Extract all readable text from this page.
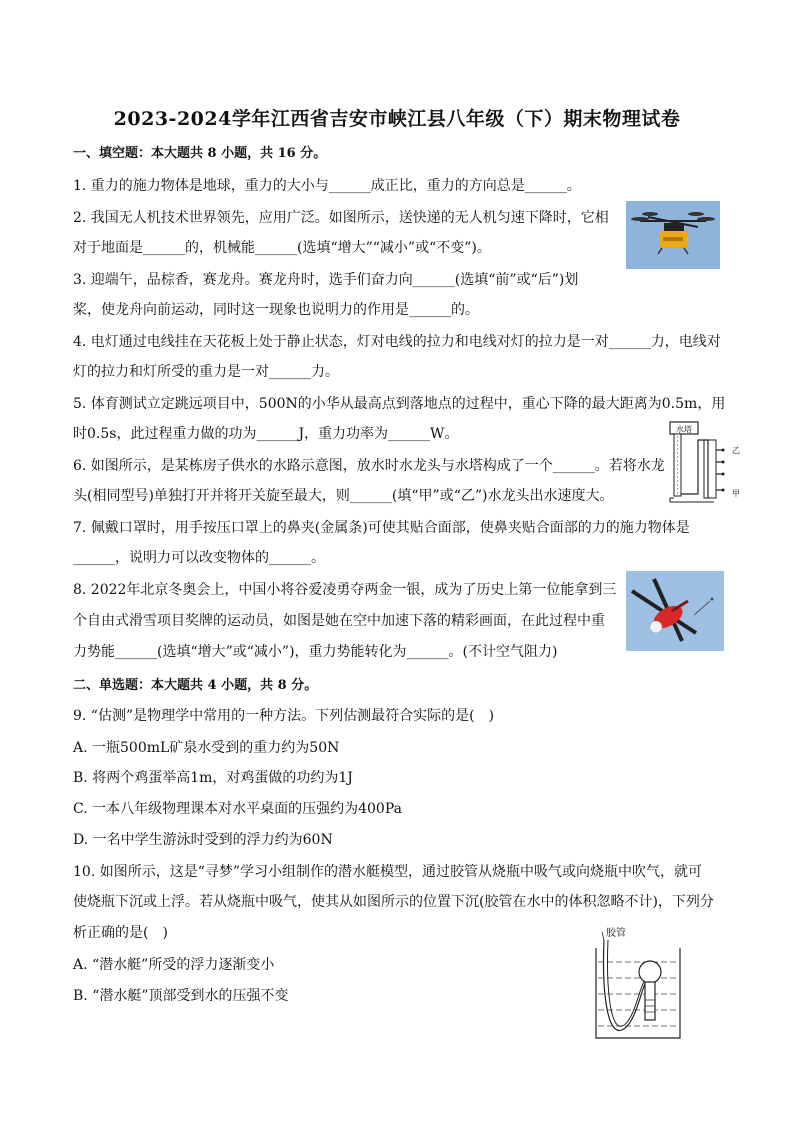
2023-2024学年江西省吉安市峡江县八年级（下）期末物理试卷
一、填空题：本大题共 8 小题，共 16 分。
1. 重力的施力物体是地球，重力的大小与______成正比，重力的方向总是______。
2. 我国无人机技术世界领先，应用广泛。如图所示，送快递的无人机匀速下降时，它相
对于地面是______的，机械能______(选填“增大”“减小”或“不变”)。
3. 迎端午，品棕香，赛龙舟。赛龙舟时，选手们奋力向______(选填“前”或“后”)划
桨，使龙舟向前运动，同时这一现象也说明力的作用是______的。
4. 电灯通过电线挂在天花板上处于静止状态，灯对电线的拉力和电线对灯的拉力是一对______力，电线对
灯的拉力和灯所受的重力是一对______力。
5. 体育测试立定跳远项目中，500N的小华从最高点到落地点的过程中，重心下降的最大距离为0.5m，用
时0.5s，此过程重力做的功为______J，重力功率为______W。
6. 如图所示，是某栋房子供水的水路示意图，放水时水龙头与水塔构成了一个______。若将水龙
头(相同型号)单独打开并将开关旋至最大，则______(填“甲”或“乙”)水龙头出水速度大。
7. 佩戴口罩时，用手按压口罩上的鼻夹(金属条)可使其贴合面部，使鼻夹贴合面部的力的施力物体是
______，说明力可以改变物体的______。
8. 2022年北京冬奥会上，中国小将谷爱凌勇夺两金一银，成为了历史上第一位能拿到三
个自由式滑雪项目奖牌的运动员，如图是她在空中加速下落的精彩画面，在此过程中重
力势能______(选填“增大”或“减小”)，重力势能转化为______。(不计空气阻力)
二、单选题：本大题共 4 小题，共 8 分。
9. “估测”是物理学中常用的一种方法。下列估测最符合实际的是(　)
A. 一瓶500mL矿泉水受到的重力约为50N
B. 将两个鸡蛋举高1m，对鸡蛋做的功约为1J
C. 一本八年级物理课本对水平桌面的压强约为400Pa
D. 一名中学生游泳时受到的浮力约为60N
10. 如图所示，这是“寻梦”学习小组制作的潜水艇模型，通过胶管从烧瓶中吸气或向烧瓶中吹气，就可
使烧瓶下沉或上浮。若从烧瓶中吸气，使其从如图所示的位置下沉(胶管在水中的体积忽略不计)，下列分
析正确的是(　)
A. “潜水艇”所受的浮力逐渐变小
B. “潜水艇”顶部受到水的压强不变
水塔
乙
甲
胶管
